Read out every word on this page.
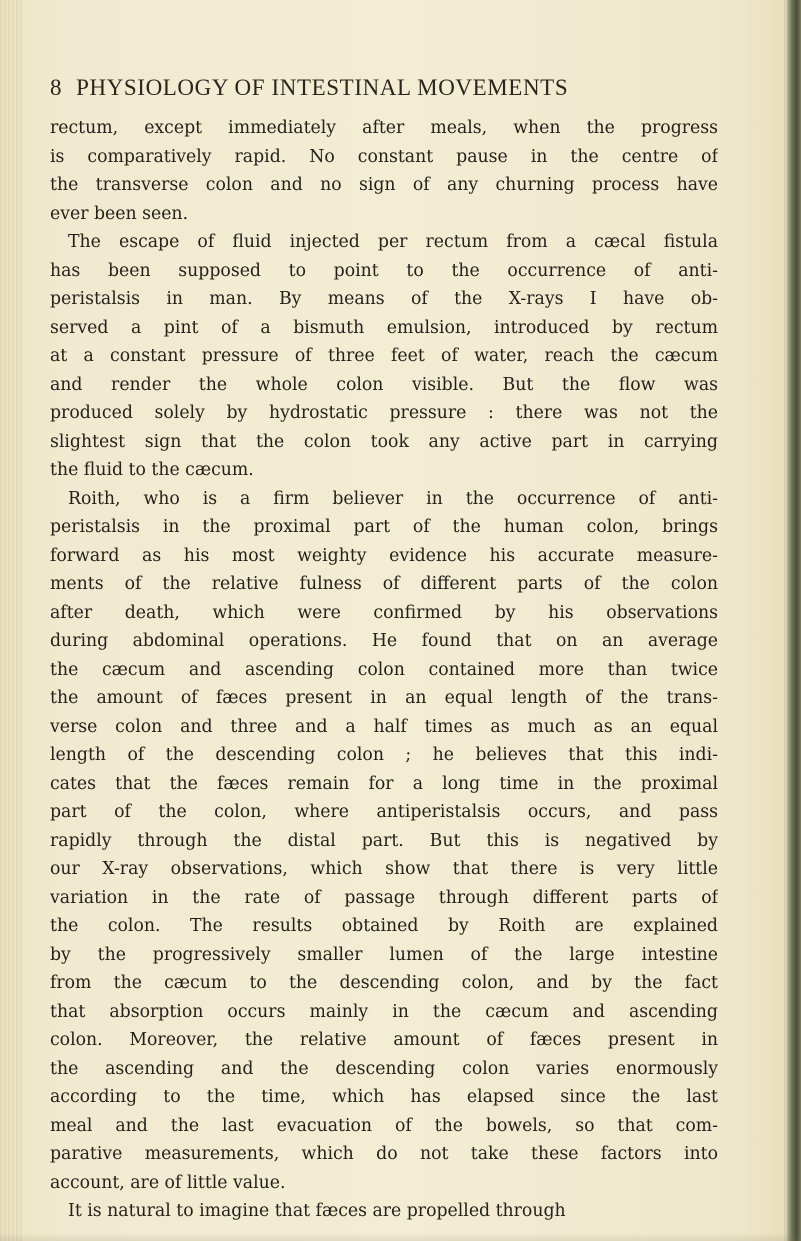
8 PHYSIOLOGY OF INTESTINAL MOVEMENTS
rectum, except immediately after meals, when the progress
is comparatively rapid. No constant pause in the centre of
the transverse colon and no sign of any churning process have
ever been seen.
The escape of fluid injected per rectum from a cæcal fistula
has been supposed to point to the occurrence of anti-
peristalsis in man. By means of the X-rays I have ob-
served a pint of a bismuth emulsion, introduced by rectum
at a constant pressure of three feet of water, reach the cæcum
and render the whole colon visible. But the flow was
produced solely by hydrostatic pressure : there was not the
slightest sign that the colon took any active part in carrying
the fluid to the cæcum.
Roith, who is a firm believer in the occurrence of anti-
peristalsis in the proximal part of the human colon, brings
forward as his most weighty evidence his accurate measure-
ments of the relative fulness of different parts of the colon
after death, which were confirmed by his observations
during abdominal operations. He found that on an average
the cæcum and ascending colon contained more than twice
the amount of fæces present in an equal length of the trans-
verse colon and three and a half times as much as an equal
length of the descending colon ; he believes that this indi-
cates that the fæces remain for a long time in the proximal
part of the colon, where antiperistalsis occurs, and pass
rapidly through the distal part. But this is negatived by
our X-ray observations, which show that there is very little
variation in the rate of passage through different parts of
the colon. The results obtained by Roith are explained
by the progressively smaller lumen of the large intestine
from the cæcum to the descending colon, and by the fact
that absorption occurs mainly in the cæcum and ascending
colon. Moreover, the relative amount of fæces present in
the ascending and the descending colon varies enormously
according to the time, which has elapsed since the last
meal and the last evacuation of the bowels, so that com-
parative measurements, which do not take these factors into
account, are of little value.
It is natural to imagine that fæces are propelled through
